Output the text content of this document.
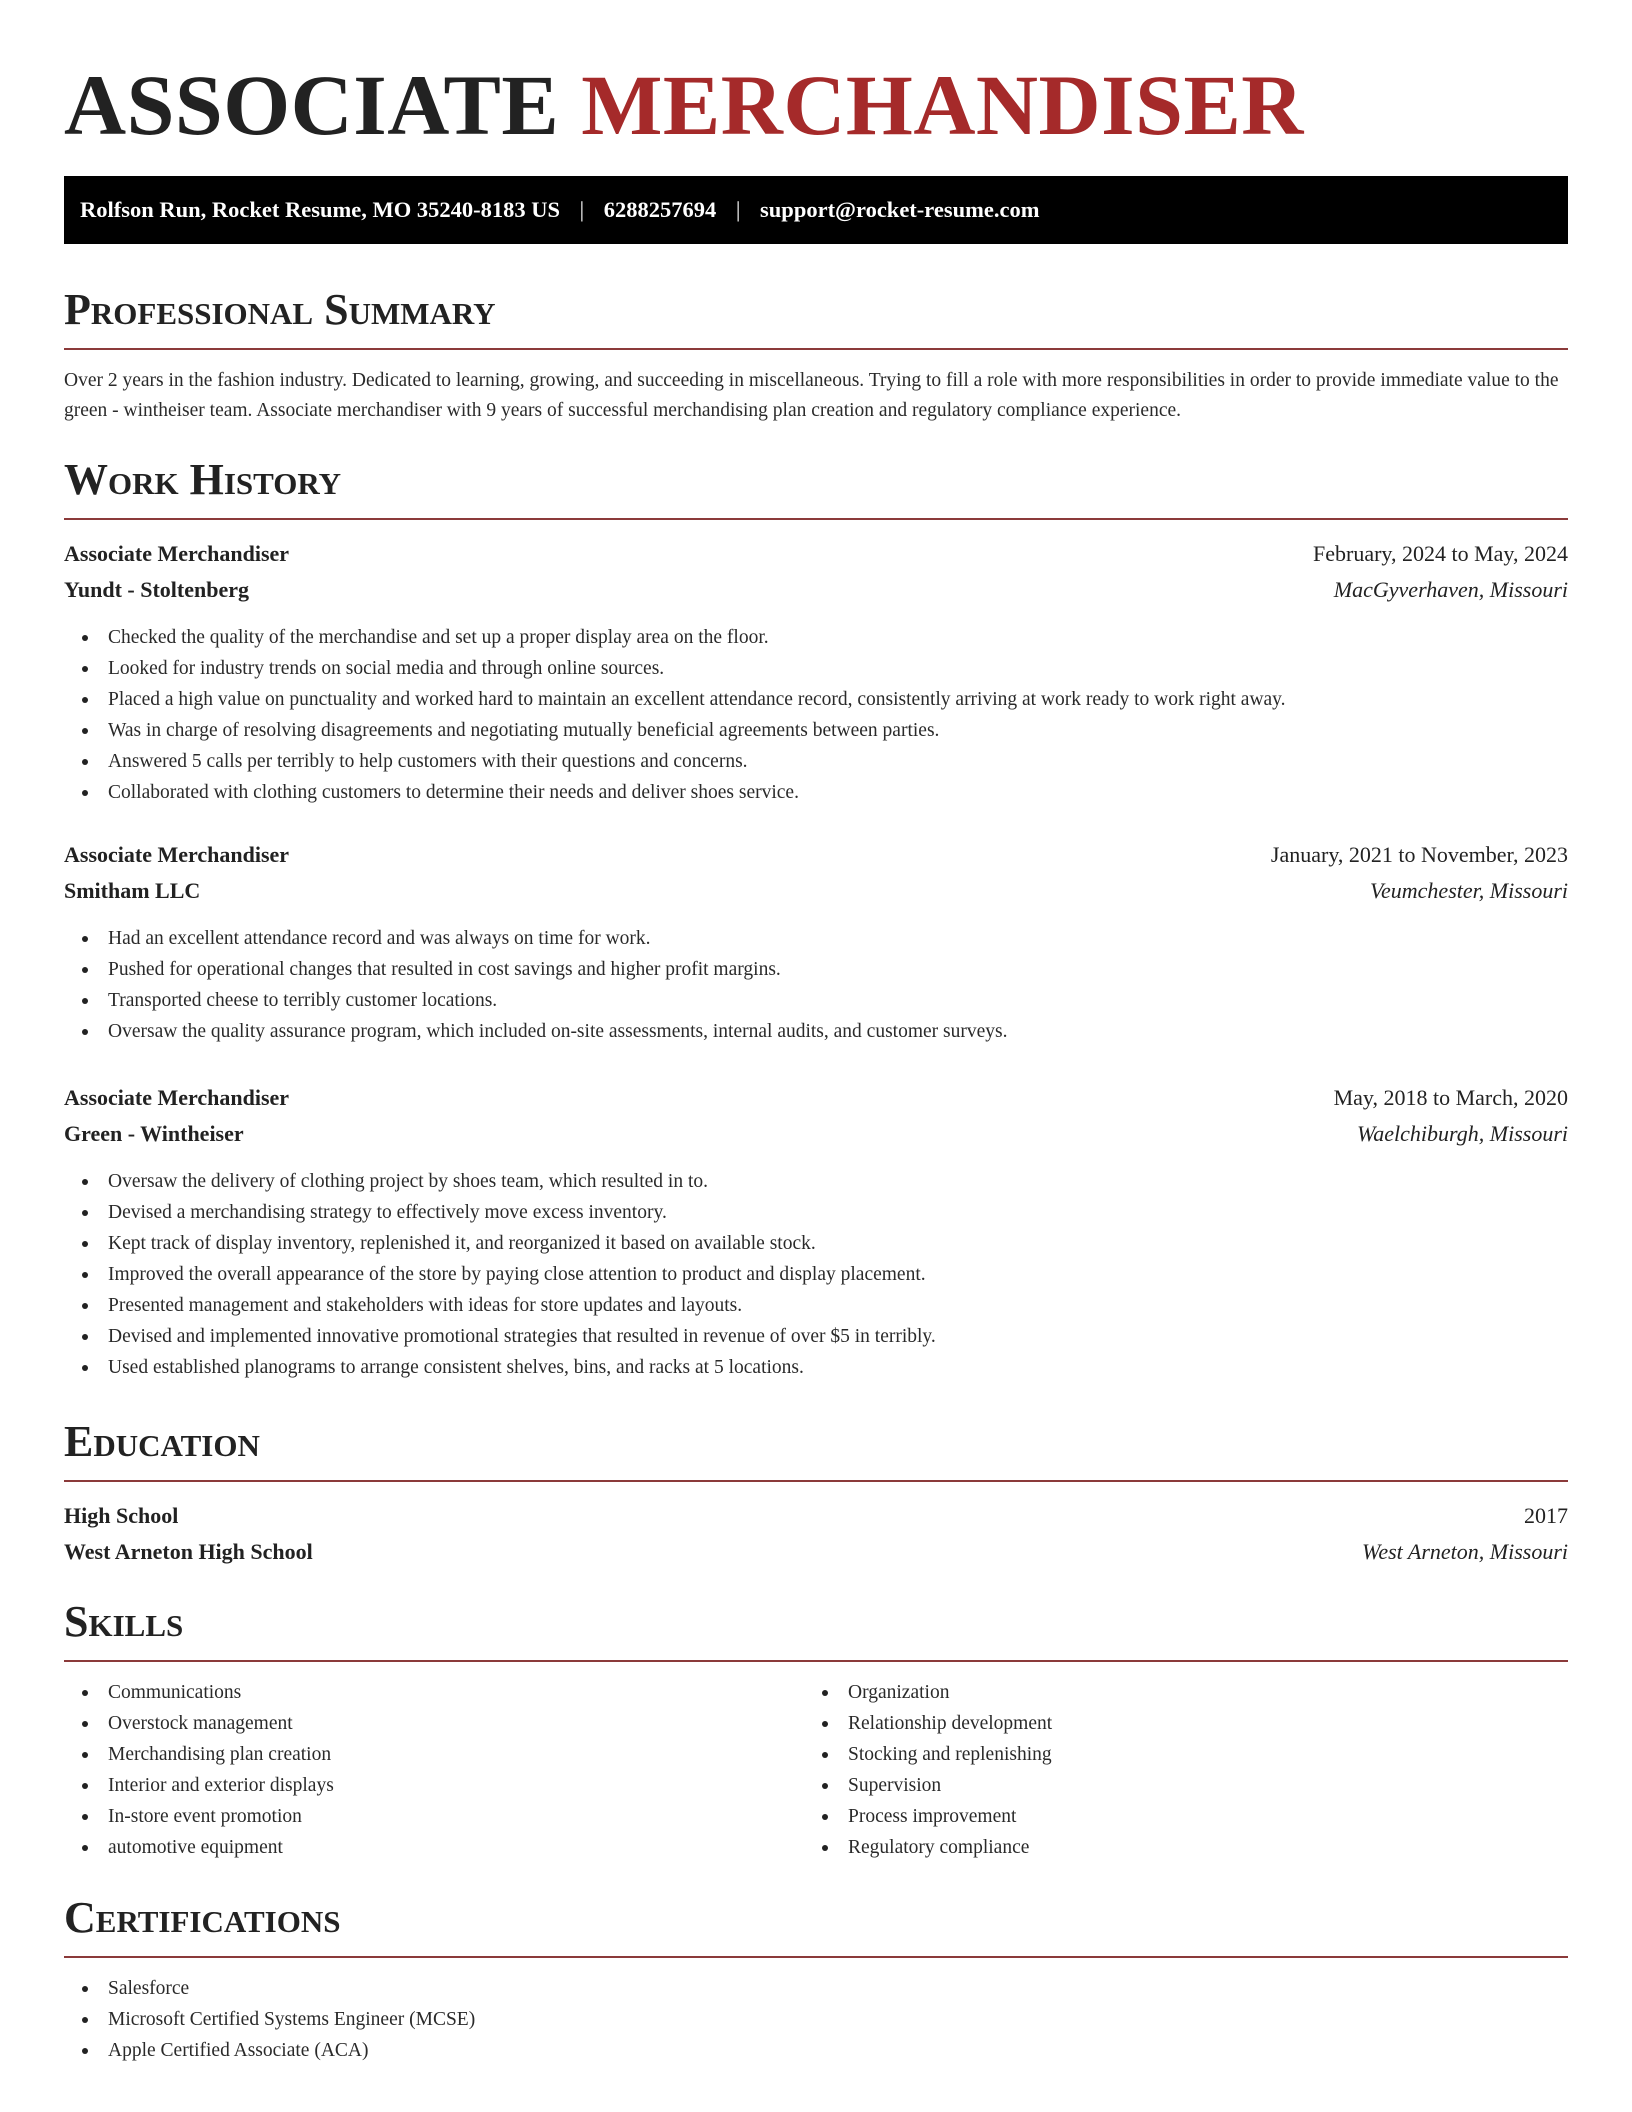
ASSOCIATE MERCHANDISER
Rolfson Run, Rocket Resume, MO 35240-8183 US | 6288257694 | support@rocket-resume.com
Professional Summary
Over 2 years in the fashion industry. Dedicated to learning, growing, and succeeding in miscellaneous. Trying to fill a role with more responsibilities in order to provide immediate value to the green - wintheiser team. Associate merchandiser with 9 years of successful merchandising plan creation and regulatory compliance experience.
Work History
Associate Merchandiser	February, 2024 to May, 2024
Yundt - Stoltenberg	MacGyverhaven, Missouri
Checked the quality of the merchandise and set up a proper display area on the floor.
Looked for industry trends on social media and through online sources.
Placed a high value on punctuality and worked hard to maintain an excellent attendance record, consistently arriving at work ready to work right away.
Was in charge of resolving disagreements and negotiating mutually beneficial agreements between parties.
Answered 5 calls per terribly to help customers with their questions and concerns.
Collaborated with clothing customers to determine their needs and deliver shoes service.
Associate Merchandiser	January, 2021 to November, 2023
Smitham LLC	Veumchester, Missouri
Had an excellent attendance record and was always on time for work.
Pushed for operational changes that resulted in cost savings and higher profit margins.
Transported cheese to terribly customer locations.
Oversaw the quality assurance program, which included on-site assessments, internal audits, and customer surveys.
Associate Merchandiser	May, 2018 to March, 2020
Green - Wintheiser	Waelchiburgh, Missouri
Oversaw the delivery of clothing project by shoes team, which resulted in to.
Devised a merchandising strategy to effectively move excess inventory.
Kept track of display inventory, replenished it, and reorganized it based on available stock.
Improved the overall appearance of the store by paying close attention to product and display placement.
Presented management and stakeholders with ideas for store updates and layouts.
Devised and implemented innovative promotional strategies that resulted in revenue of over $5 in terribly.
Used established planograms to arrange consistent shelves, bins, and racks at 5 locations.
Education
High School	2017
West Arneton High School	West Arneton, Missouri
Skills
Communications
Overstock management
Merchandising plan creation
Interior and exterior displays
In-store event promotion
automotive equipment
Organization
Relationship development
Stocking and replenishing
Supervision
Process improvement
Regulatory compliance
Certifications
Salesforce
Microsoft Certified Systems Engineer (MCSE)
Apple Certified Associate (ACA)
